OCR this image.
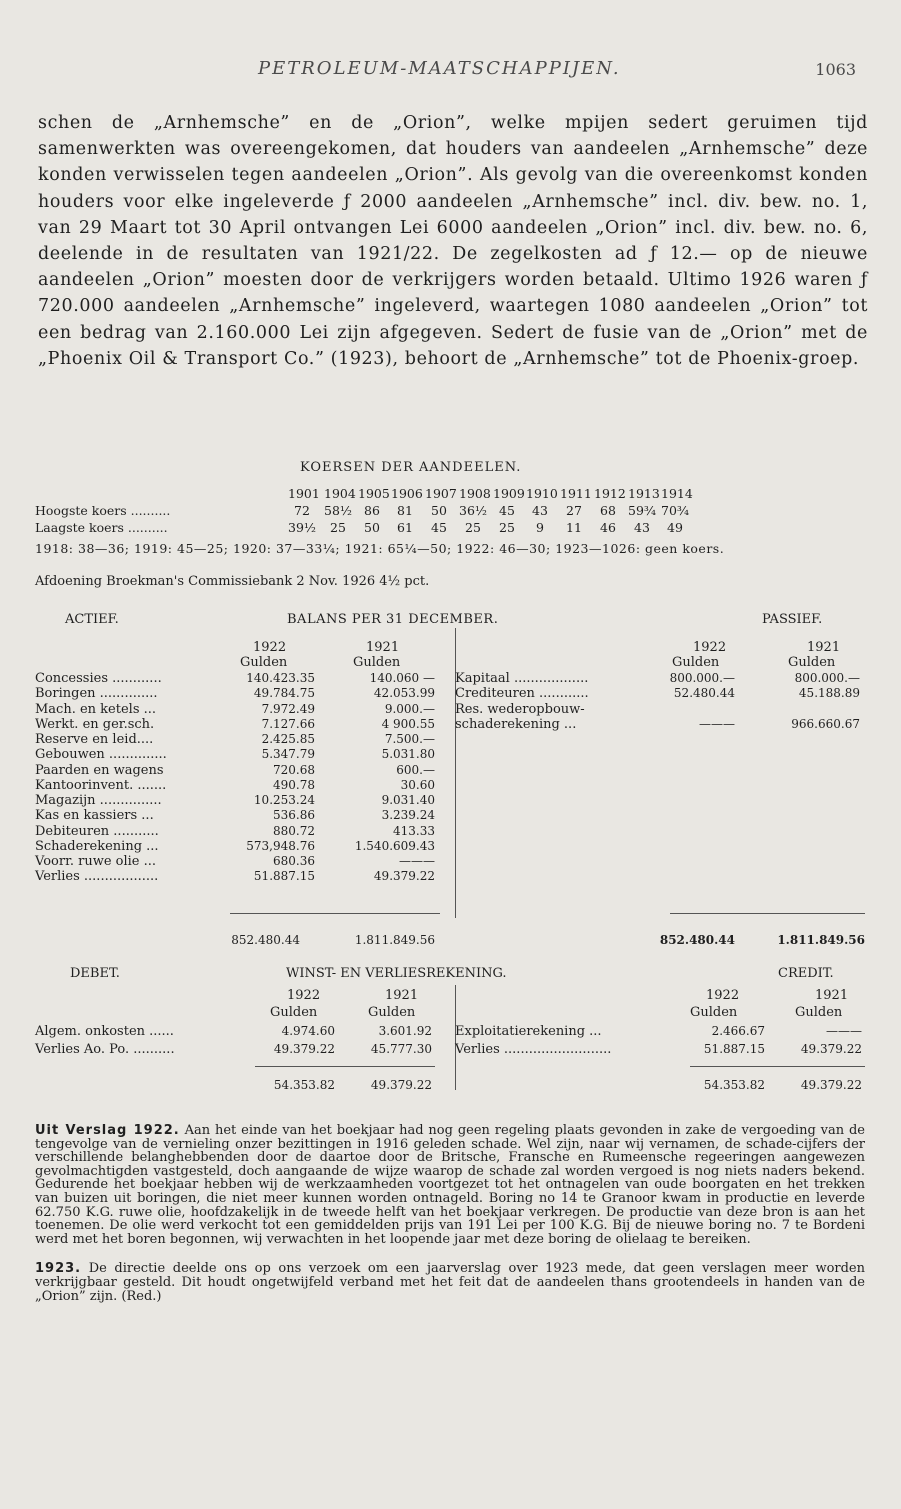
PETROLEUM-MAATSCHAPPIJEN.	1063
schen de „Arnhemsche” en de „Orion”, welke mpijen sedert geruimen tijd samenwerkten was overeengekomen, dat houders van aandeelen „Arnhemsche” deze konden verwisselen tegen aandeelen „Orion”. Als gevolg van die overeenkomst konden houders voor elke ingeleverde ƒ 2000 aandeelen „Arnhemsche” incl. div. bew. no. 1, van 29 Maart tot 30 April ontvangen Lei 6000 aandeelen „Orion” incl. div. bew. no. 6, deelende in de resultaten van 1921/22. De zegelkosten ad ƒ 12.— op de nieuwe aandeelen „Orion” moesten door de verkrijgers worden betaald. Ultimo 1926 waren ƒ 720.000 aandeelen „Arnhemsche” ingeleverd, waartegen 1080 aandeelen „Orion” tot een bedrag van 2.160.000 Lei zijn afgegeven. Sedert de fusie van de „Orion” met de „Phoenix Oil & Transport Co.” (1923), behoort de „Arnhemsche” tot de Phoenix-groep.
KOERSEN DER AANDEELEN.
1901 1904 1905 1906 1907 1908 1909 1910 1911 1912 1913 1914
Hoogste koers ..........	72	58½ 86	81	50 36½ 45	43	27	68 59¾ 70¾
Laagste koers ..........	39½	25	50	61	45	25	25	9	11	46	43	49
1918: 38—36; 1919: 45—25; 1920: 37—33¼; 1921: 65¼—50; 1922: 46—30; 1923—1026: geen koers.
Afdoening Broekman's Commissiebank 2 Nov. 1926 4½ pct.
ACTIEF.	BALANS PER 31 DECEMBER.	PASSIEF.
1922	1921
Gulden	Gulden
1922	1921
Gulden	Gulden
Concessies ............	140.423.35	140.060 —
Boringen ..............	49.784.75	42.053.99
Mach. en ketels ...	7.972.49	9.000.—
Werkt. en ger.sch.	7.127.66	4 900.55
Reserve en leid....	2.425.85	7.500.—
Gebouwen ..............	5.347.79	5.031.80
Paarden en wagens	720.68	600.—
Kantoorinvent. .......	490.78	30.60
Magazijn ...............	10.253.24	9.031.40
Kas en kassiers ...	536.86	3.239.24
Debiteuren ...........	880.72	413.33
Schaderekening ...	573,948.76	1.540.609.43
Voorr. ruwe olie ...	680.36	———
Verlies ..................	51.887.15	49.379.22
Kapitaal ..................	800.000.—	800.000.—
Crediteuren ............	52.480.44	45.188.89
Res. wederopbouw-
schaderekening ...	———	966.660.67
852.480.44	1.811.849.56	852.480.44	1.811.849.56
DEBET.	WINST- EN VERLIESREKENING.	CREDIT.
1922	1921
Gulden	Gulden
1922	1921
Gulden	Gulden
Algem. onkosten ......	4.974.60	3.601.92
Verlies Ao. Po. ..........	49.379.22	45.777.30
Exploitatierekening ...	2.466.67	———
Verlies ..........................	51.887.15	49.379.22
54.353.82	49.379.22	54.353.82	49.379.22
Uit Verslag 1922. Aan het einde van het boekjaar had nog geen regeling plaats gevonden in zake de vergoeding van de tengevolge van de vernieling onzer bezittingen in 1916 geleden schade. Wel zijn, naar wij vernamen, de schade-cijfers der verschillende belanghebbenden door de daartoe door de Britsche, Fransche en Rumeensche regeeringen aangewezen gevolmachtigden vastgesteld, doch aangaande de wijze waarop de schade zal worden vergoed is nog niets naders bekend. Gedurende het boekjaar hebben wij de werkzaamheden voortgezet tot het ontnagelen van oude boorgaten en het trekken van buizen uit boringen, die niet meer kunnen worden ontnageld. Boring no 14 te Granoor kwam in productie en leverde 62.750 K.G. ruwe olie, hoofdzakelijk in de tweede helft van het boekjaar verkregen. De productie van deze bron is aan het toenemen. De olie werd verkocht tot een gemiddelden prijs van 191 Lei per 100 K.G. Bij de nieuwe boring no. 7 te Bordeni werd met het boren begonnen, wij verwachten in het loopende jaar met deze boring de olielaag te bereiken.
1923. De directie deelde ons op ons verzoek om een jaarverslag over 1923 mede, dat geen verslagen meer worden verkrijgbaar gesteld. Dit houdt ongetwijfeld verband met het feit dat de aandeelen thans grootendeels in handen van de „Orion” zijn. (Red.)
